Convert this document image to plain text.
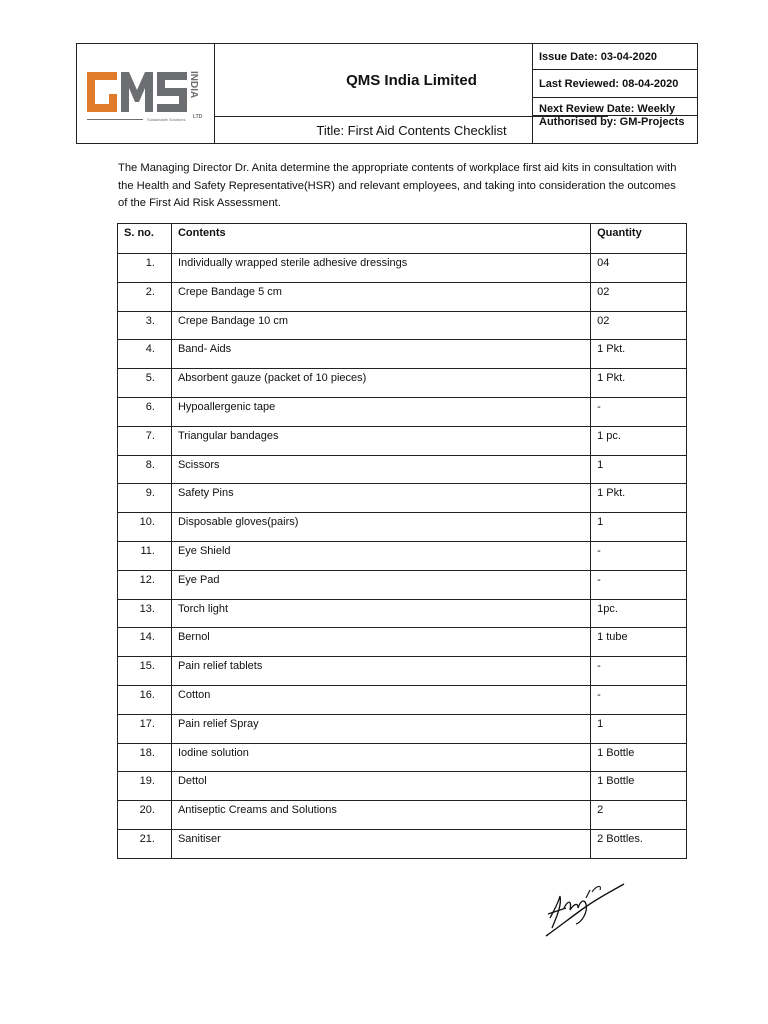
INDIA
Sustainable Solutions LTD
QMS India Limited
Title: First Aid Contents Checklist
Issue Date: 03-04-2020
Last Reviewed: 08-04-2020
Next Review Date: Weekly
Authorised by: GM-Projects

The Managing Director Dr. Anita determine the appropriate contents of workplace first aid kits in consultation with the Health and Safety Representative(HSR) and relevant employees, and taking into consideration the outcomes of the First Aid Risk Assessment.

S. no.	Contents	Quantity
1.	Individually wrapped sterile adhesive dressings	04
2.	Crepe Bandage 5 cm	02
3.	Crepe Bandage 10 cm	02
4.	Band- Aids	1 Pkt.
5.	Absorbent gauze (packet of 10 pieces)	1 Pkt.
6.	Hypoallergenic tape	-
7.	Triangular bandages	1 pc.
8.	Scissors	1
9.	Safety Pins	1 Pkt.
10.	Disposable gloves(pairs)	1
11.	Eye Shield	-
12.	Eye Pad	-
13.	Torch light	1pc.
14.	Bernol	1 tube
15.	Pain relief tablets	-
16.	Cotton	-
17.	Pain relief Spray	1
18.	Iodine solution	1 Bottle
19.	Dettol	1 Bottle
20.	Antiseptic Creams and Solutions	2
21.	Sanitiser	2 Bottles.
